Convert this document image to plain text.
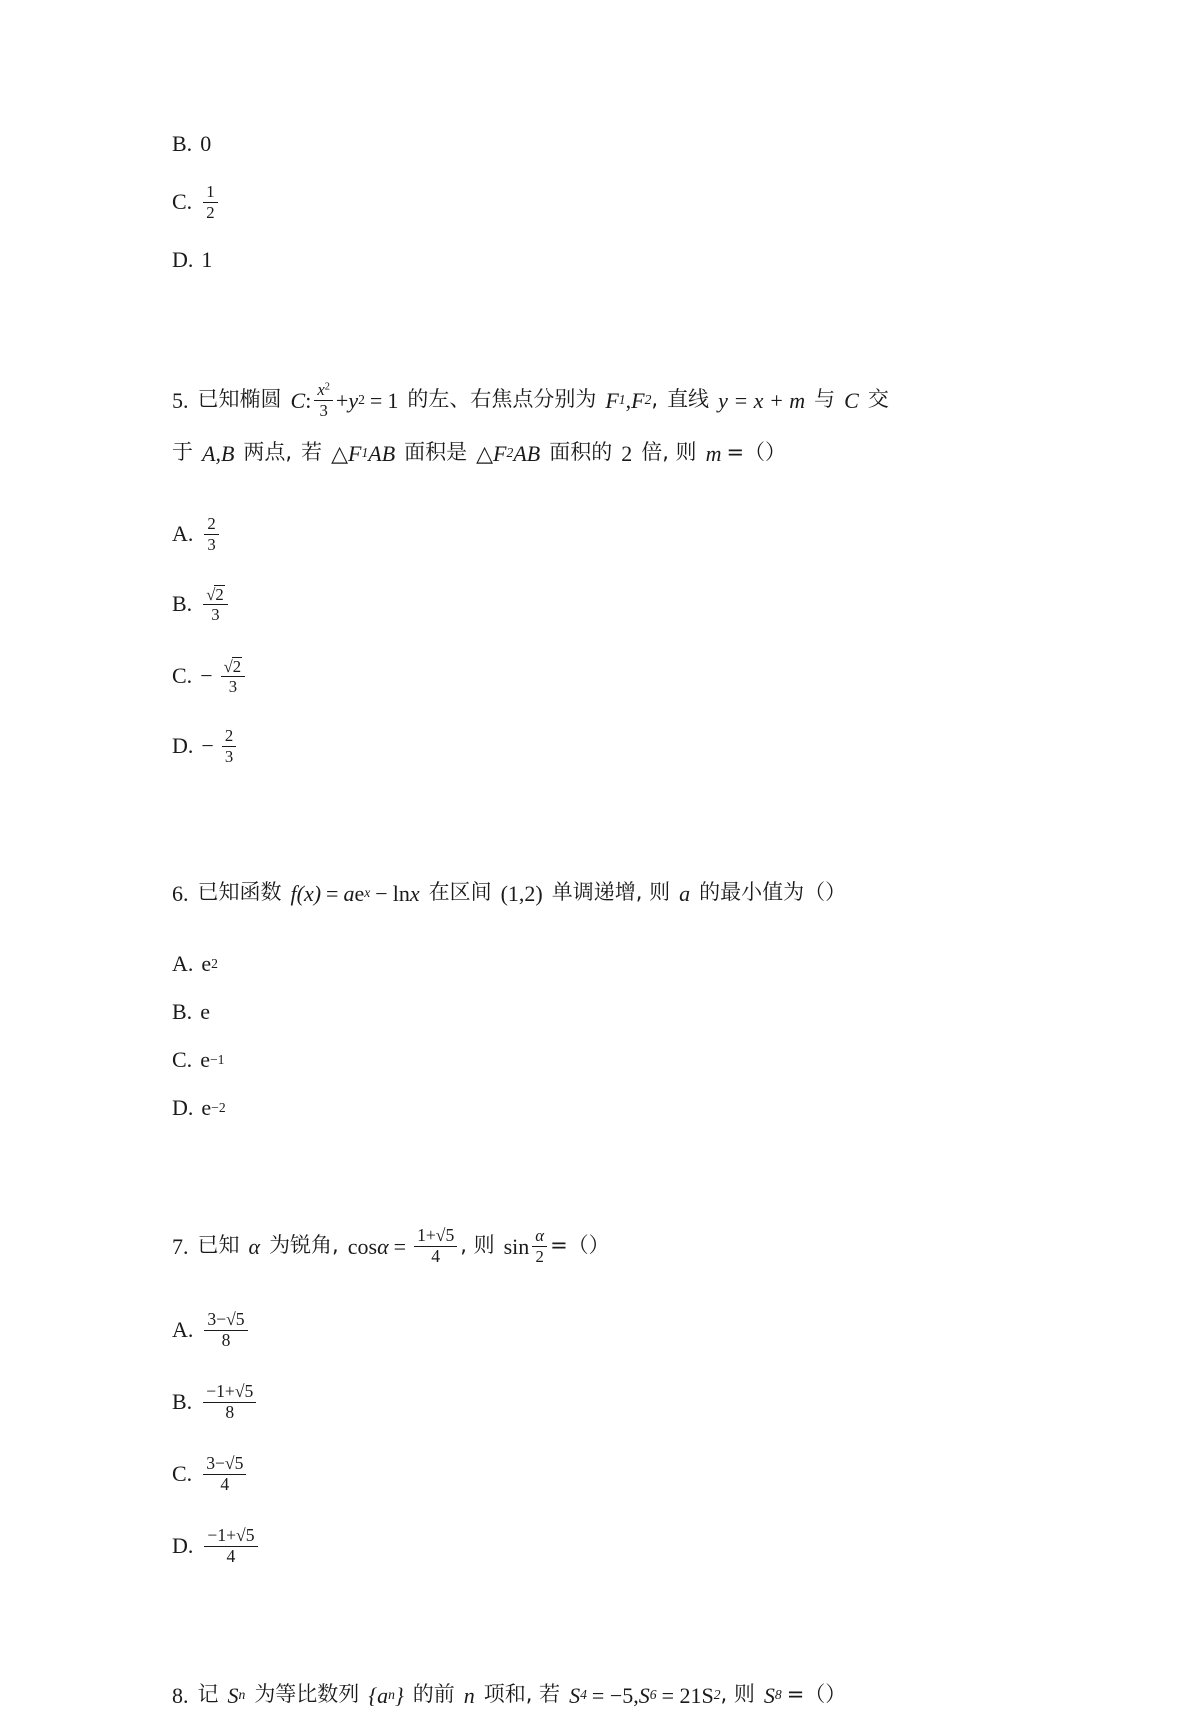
B. 0
C. $\frac{1}{2}$
D. 1
5. 已知椭圆 C : $\frac{x^2}{3} + y$ 2 = 1 的左、右焦点分别为 F 1 , F 2 , 直线 y = x + m 与 C 交
于 A,B 两点, 若 △F 1 AB 面积是 △F 2 AB 面积的 2 倍, 则 m =（）
A. $\frac{2}{3}$
B. $\frac{√2}{3}$
C. − $\frac{√2}{3}$
D. − $\frac{2}{3}$
6. 已知函数 f (x) = a e x − ln x 在区间 (1,2) 单调递增, 则 a 的最小值为（）
A. e 2
B. e
C. e −1
D. e −2
7. 已知 α 为锐角, $\cos \alpha = \frac{1+√5}{4}$ , 则 $\sin \frac{\alpha}{2}$ =（）
A. $\frac{3-√5}{8}$
B. $\frac{-1+√5}{8}$
C. $\frac{3-√5}{4}$
D. $\frac{-1+√5}{4}$
8. 记 S n 为等比数列 {a n } 的前 n 项和, 若 S 4 = −5, S 6 = 21S 2 , 则 S 8 =（）
